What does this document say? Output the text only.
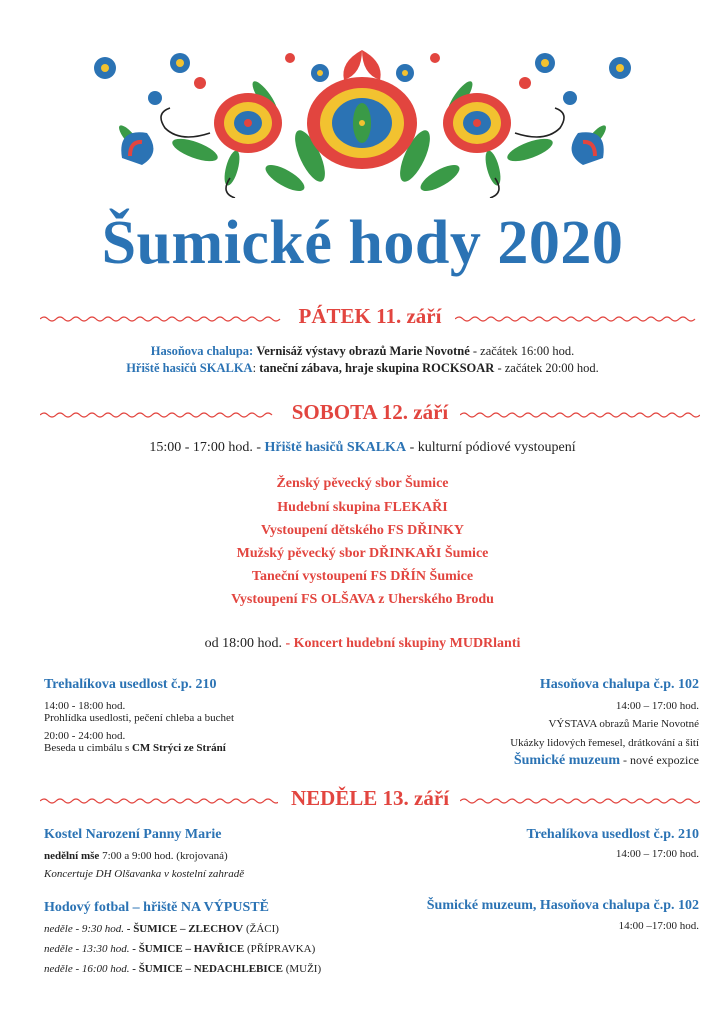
Šumické hody 2020
PÁTEK 11. září
Hasoňova chalupa: Vernisáž výstavy obrazů Marie Novotné - začátek 16:00 hod.
Hřiště hasičů SKALKA: taneční zábava, hraje skupina ROCKSOAR - začátek 20:00 hod.
SOBOTA 12. září
15:00 - 17:00 hod. - Hřiště hasičů SKALKA - kulturní pódiové vystoupení
Ženský pěvecký sbor Šumice
Hudební skupina FLEKAŘI
Vystoupení dětského FS DŘINKY
Mužský pěvecký sbor DŘINKAŘI Šumice
Taneční vystoupení FS DŘÍN Šumice
Vystoupení FS OLŠAVA z Uherského Brodu
od 18:00 hod. - Koncert hudební skupiny MUDRlanti
Trehalíkova usedlost č.p. 210
14:00 - 18:00 hod.
Prohlídka usedlosti, pečení chleba a buchet
20:00 - 24:00 hod.
Beseda u cimbálu s CM Strýci ze Strání
Hasoňova chalupa č.p. 102
14:00 – 17:00 hod.
VÝSTAVA obrazů Marie Novotné
Ukázky lidových řemesel, drátkování a šití
Šumické muzeum - nové expozice
NEDĚLE 13. září
Kostel Narození Panny Marie
nedělní mše 7:00 a 9:00 hod. (krojovaná)
Koncertuje DH Olšavanka v kostelní zahradě
Hodový fotbal – hřiště NA VÝPUSTĚ
neděle - 9:30 hod. - ŠUMICE – ZLECHOV (ŽÁCI)
neděle - 13:30 hod. - ŠUMICE – HAVŘICE (PŘÍPRAVKA)
neděle - 16:00 hod. - ŠUMICE – NEDACHLEBICE (MUŽI)
Trehalíkova usedlost č.p. 210
14:00 – 17:00 hod.
Šumické muzeum, Hasoňova chalupa č.p. 102
14:00 –17:00 hod.
